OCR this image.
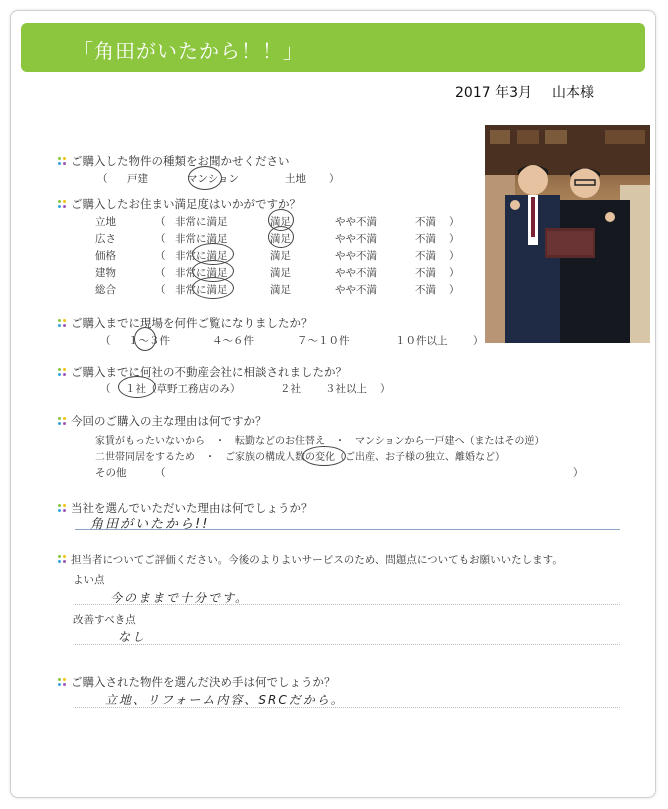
「角田がいたから！！」
2017 年3月 山本様
ご購入した物件の種類をお聞かせください
（ 戸建	マンション	土地 ）
ご購入したお住まい満足度はいかがですか？
立地	（ 非常に満足	満足	やや不満	不満 ）
広さ	（ 非常に満足	満足	やや不満	不満 ）
価格	（ 非常に満足	満足	やや不満	不満 ）
建物	（ 非常に満足	満足	やや不満	不満 ）
総合	（ 非常に満足	満足	やや不満	不満 ）
ご購入までに現場を何件ご覧になりましたか？
（ １〜３件	４〜６件	７〜１０件	１０件以上 ）
ご購入までに何社の不動産会社に相談されましたか？
（ １社（草野工務店のみ）	２社 ３社以上 ）
今回のご購入の主な理由は何ですか？
家賃がもったいないから　・　転勤などのお住替え　・　マンションから一戸建へ（またはその逆）
二世帯同居をするため　・　ご家族の構成人数の変化（ご出産、お子様の独立、離婚など）
その他	（	）
当社を選んでいただいた理由は何でしょうか？
角田がいたから!!
担当者についてご評価ください。今後のよりよいサービスのため、問題点についてもお願いいたします。
よい点
今のままで十分です。
改善すべき点
なし
ご購入された物件を選んだ決め手は何でしょうか？
立地、リフォーム内容、SRCだから。
